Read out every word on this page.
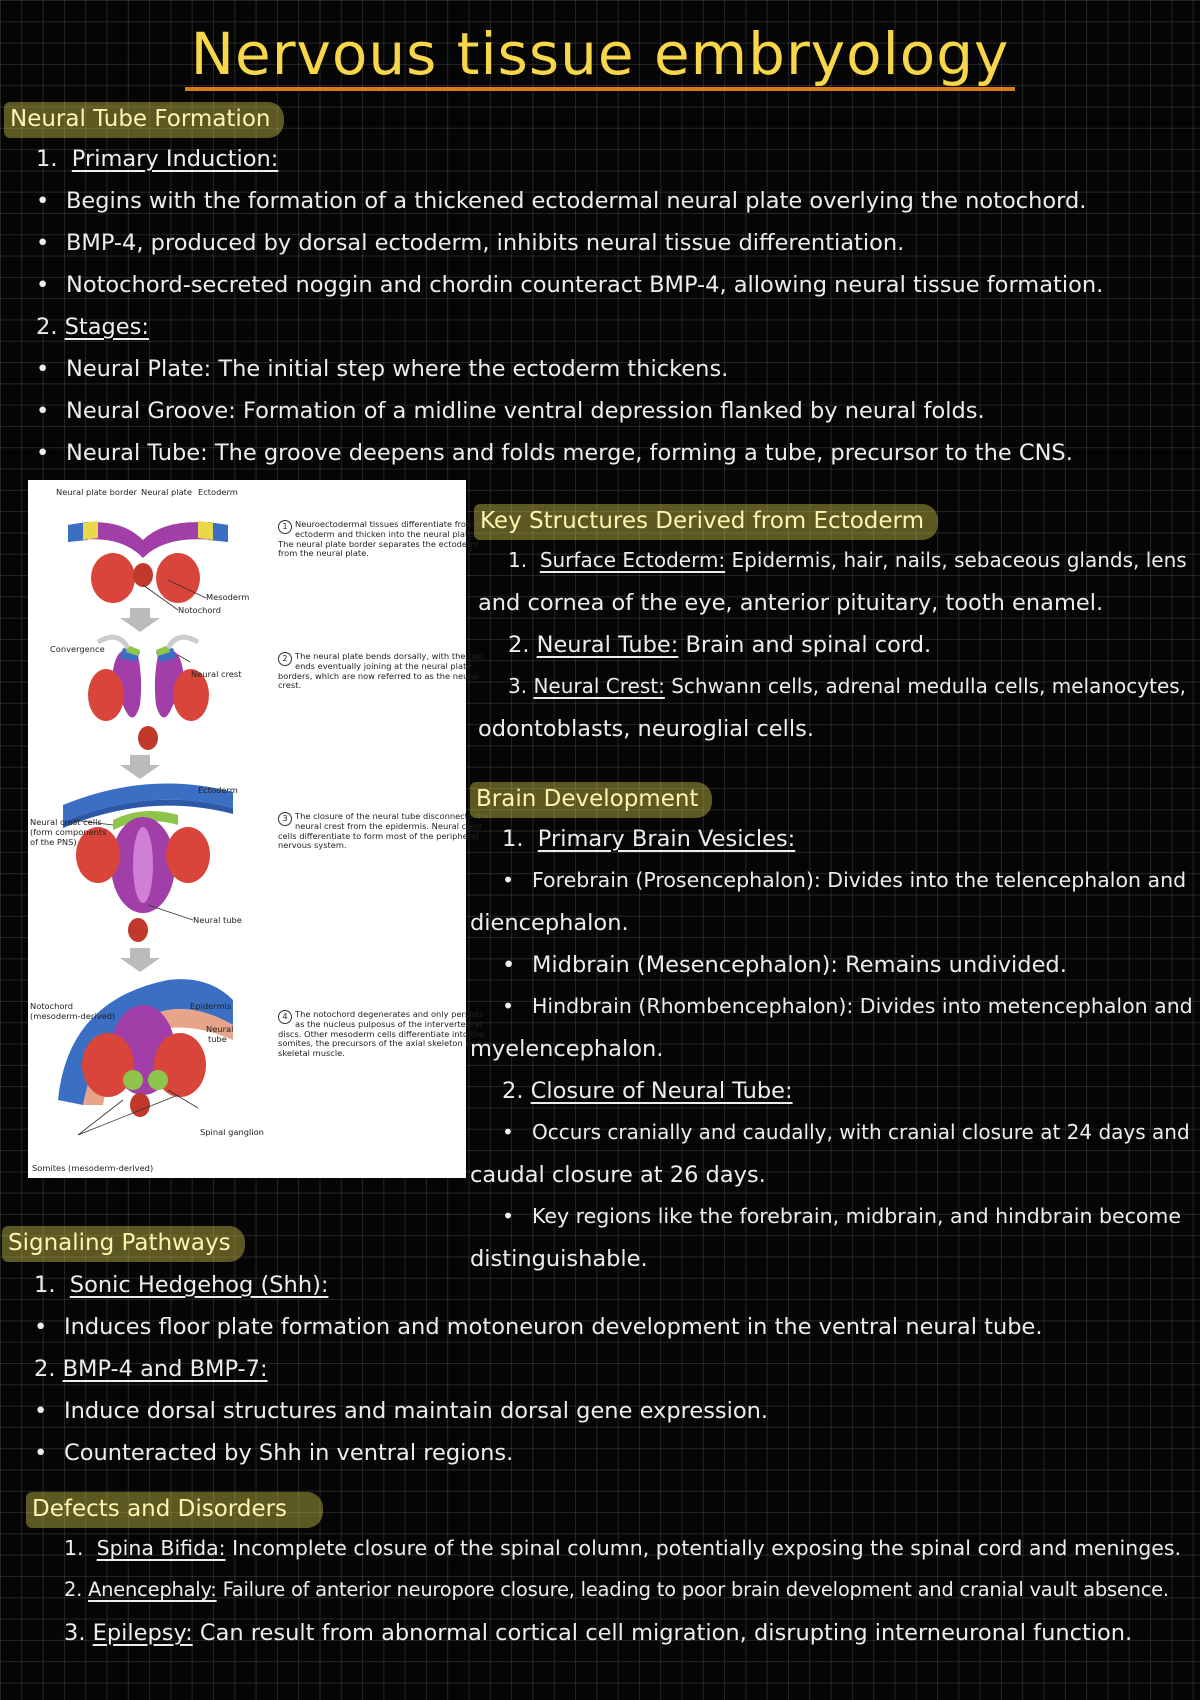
Nervous tissue embryology
Neural Tube Formation
1. Primary Induction:
• Begins with the formation of a thickened ectodermal neural plate overlying the notochord.
• BMP-4, produced by dorsal ectoderm, inhibits neural tissue differentiation.
• Notochord-secreted noggin and chordin counteract BMP-4, allowing neural tissue formation.
2. Stages:
• Neural Plate: The initial step where the ectoderm thickens.
• Neural Groove: Formation of a midline ventral depression flanked by neural folds.
• Neural Tube: The groove deepens and folds merge, forming a tube, precursor to the CNS.
Neural plate border Neural plate Ectoderm
Mesoderm
Notochord
Convergence
Neural crest
Ectoderm
Neural crest cells
(form components
of the PNS)
Neural tube
Notochord
(mesoderm-derived)
Epidermis
Neural
tube
Spinal ganglion
Somites (mesoderm-derived)
1 Neuroectodermal tissues differentiate from the ectoderm and thicken into the neural plate. The neural plate border separates the ectoderm from the neural plate.
2 The neural plate bends dorsally, with the two ends eventually joining at the neural plate borders, which are now referred to as the neural crest.
3 The closure of the neural tube disconnects the neural crest from the epidermis. Neural crest cells differentiate to form most of the peripheral nervous system.
4 The notochord degenerates and only persists as the nucleus pulposus of the intervertebral discs. Other mesoderm cells differentiate into the somites, the precursors of the axial skeleton and skeletal muscle.
Key Structures Derived from Ectoderm
1. Surface Ectoderm: Epidermis, hair, nails, sebaceous glands, lens
and cornea of the eye, anterior pituitary, tooth enamel.
2. Neural Tube: Brain and spinal cord.
3. Neural Crest: Schwann cells, adrenal medulla cells, melanocytes,
odontoblasts, neuroglial cells.
Brain Development
1. Primary Brain Vesicles:
• Forebrain (Prosencephalon): Divides into the telencephalon and
diencephalon.
• Midbrain (Mesencephalon): Remains undivided.
• Hindbrain (Rhombencephalon): Divides into metencephalon and
myelencephalon.
2. Closure of Neural Tube:
• Occurs cranially and caudally, with cranial closure at 24 days and
caudal closure at 26 days.
• Key regions like the forebrain, midbrain, and hindbrain become
distinguishable.
Signaling Pathways
1. Sonic Hedgehog (Shh):
• Induces floor plate formation and motoneuron development in the ventral neural tube.
2. BMP-4 and BMP-7:
• Induce dorsal structures and maintain dorsal gene expression.
• Counteracted by Shh in ventral regions.
Defects and Disorders
1. Spina Bifida: Incomplete closure of the spinal column, potentially exposing the spinal cord and meninges.
2. Anencephaly: Failure of anterior neuropore closure, leading to poor brain development and cranial vault absence.
3. Epilepsy: Can result from abnormal cortical cell migration, disrupting interneuronal function.
